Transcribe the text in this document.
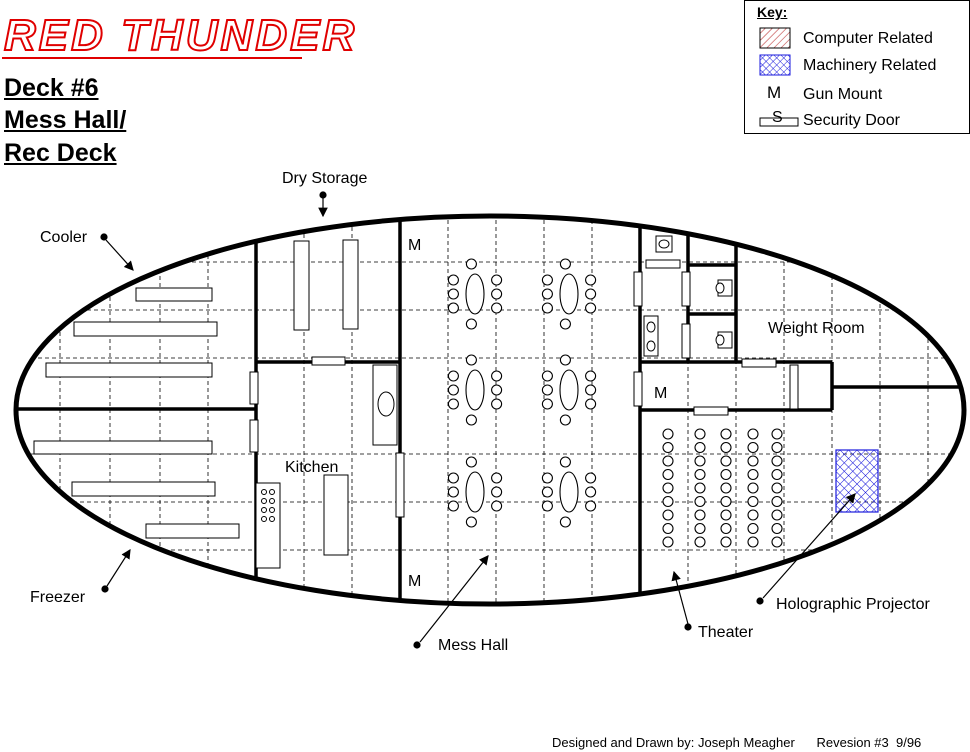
RED THUNDER
Deck #6
Mess Hall/
Rec Deck
Key:
Computer Related
Machinery Related
M Gun Mount
S Security Door
M
M
M
Dry Storage
Cooler
Freezer
Kitchen
Mess Hall
Weight Room
Theater
Holographic Projector
Designed and Drawn by: Joseph Meagher Revesion #3  9/96
